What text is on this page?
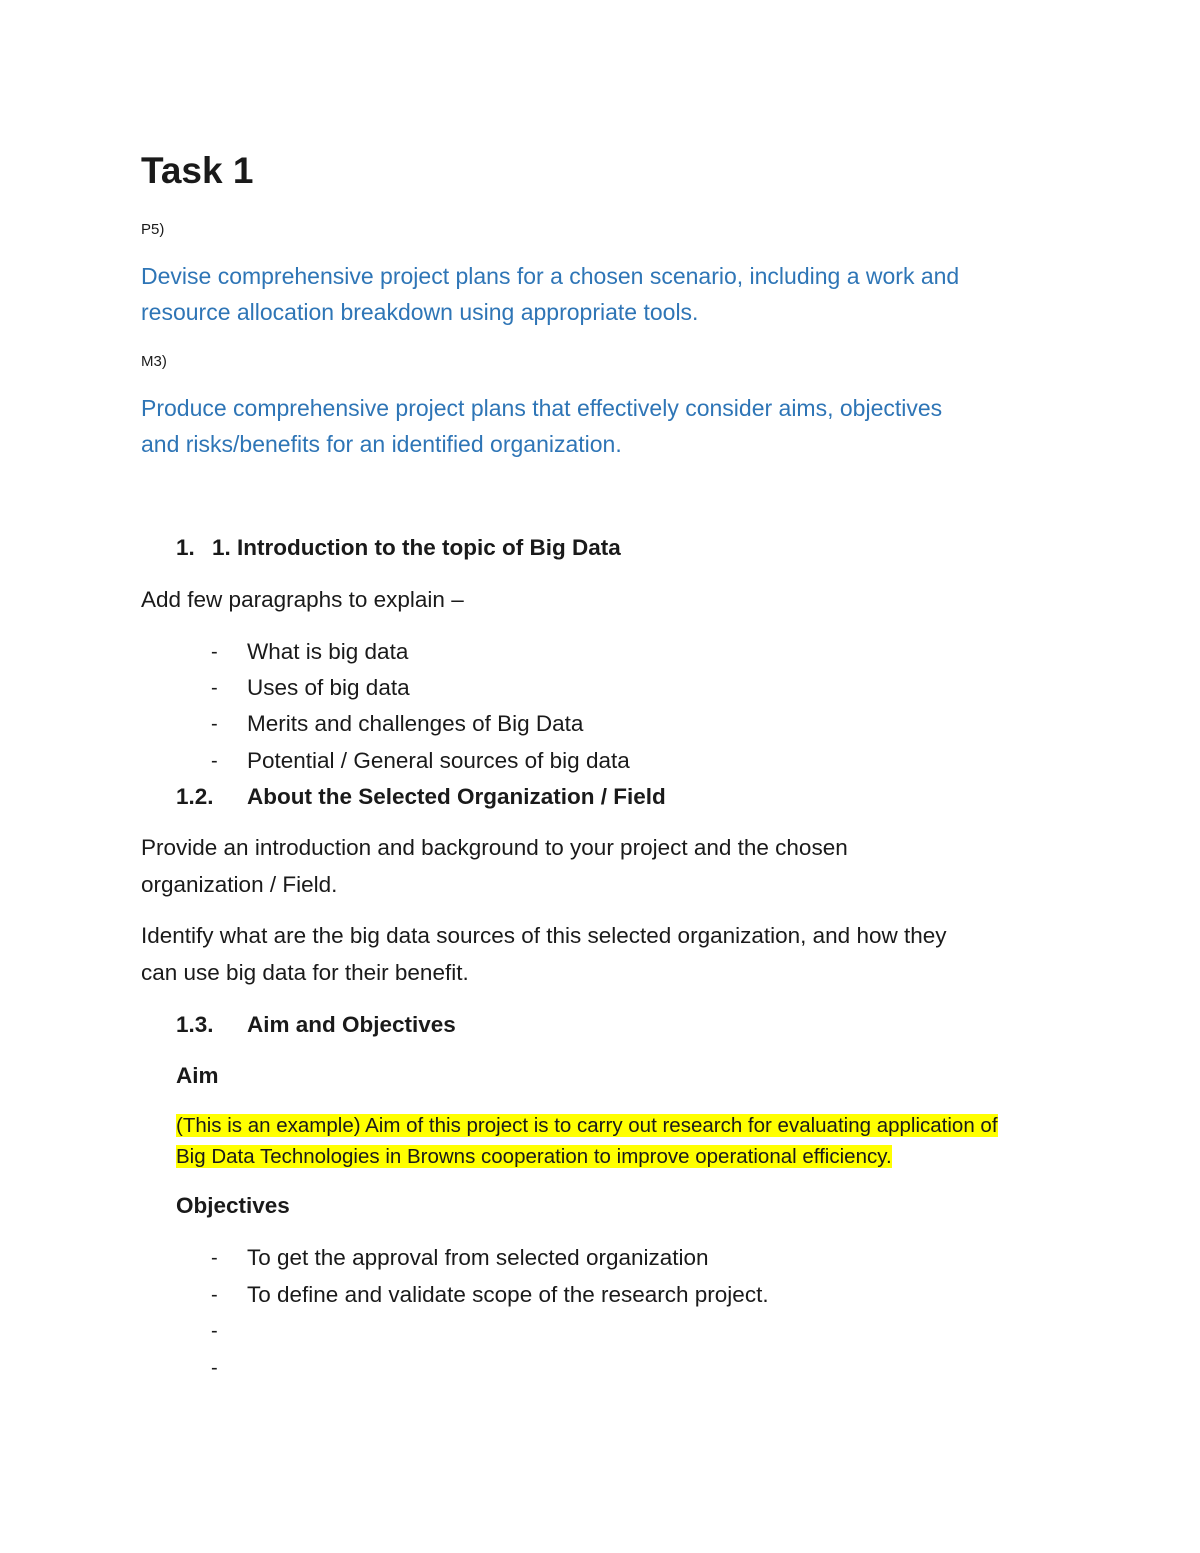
Task 1
P5)
Devise comprehensive project plans for a chosen scenario, including a work and
resource allocation breakdown using appropriate tools.
M3)
Produce comprehensive project plans that effectively consider aims, objectives
and risks/benefits for an identified organization.
1. 1. Introduction to the topic of Big Data
Add few paragraphs to explain –
- What is big data
- Uses of big data
- Merits and challenges of Big Data
- Potential / General sources of big data
1.2. About the Selected Organization / Field
Provide an introduction and background to your project and the chosen
organization / Field.
Identify what are the big data sources of this selected organization, and how they
can use big data for their benefit.
1.3. Aim and Objectives
Aim
(This is an example) Aim of this project is to carry out research for evaluating application of
Big Data Technologies in Browns cooperation to improve operational efficiency.
Objectives
- To get the approval from selected organization
- To define and validate scope of the research project.
-
-
